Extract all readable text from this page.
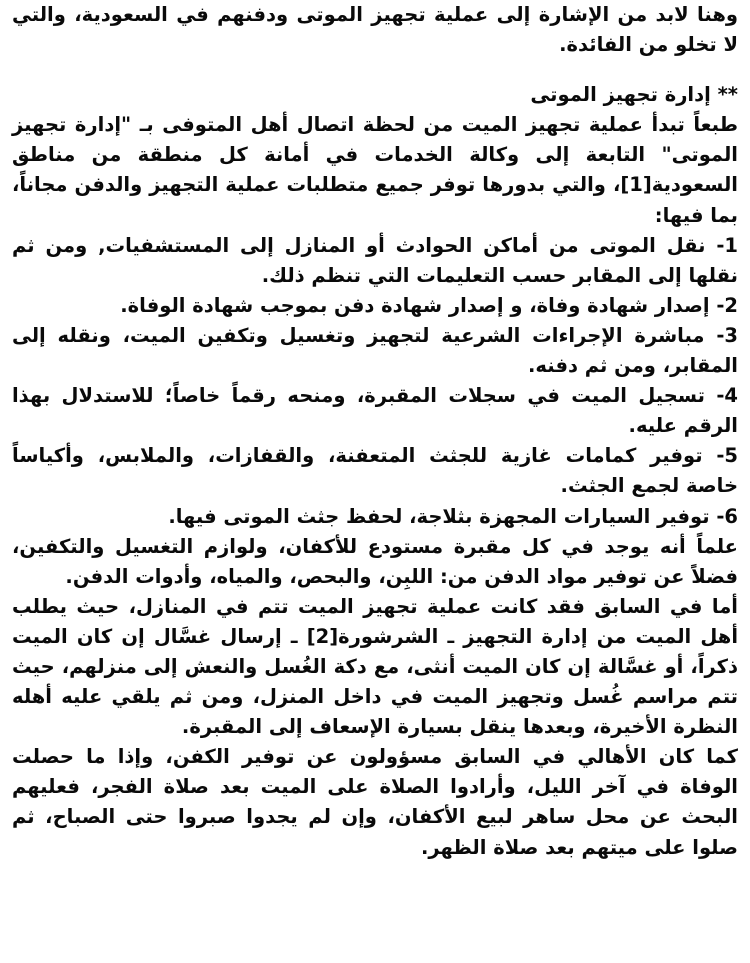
وهنا لابد من الإشارة إلى عملية تجهيز الموتى ودفنهم في السعودية، والتي لا تخلو من الفائدة.

** إدارة تجهيز الموتى

طبعاً تبدأ عملية تجهيز الميت من لحظة اتصال أهل المتوفى بـ "إدارة تجهيز الموتى" التابعة إلى وكالة الخدمات في أمانة كل منطقة من مناطق السعودية[1]، والتي بدورها توفر جميع متطلبات عملية التجهيز والدفن مجاناً، بما فيها:

1- نقل الموتى من أماكن الحوادث أو المنازل إلى المستشفيات, ومن ثم نقلها إلى المقابر حسب التعليمات التي تنظم ذلك.

2- إصدار شهادة وفاة، و إصدار شهادة دفن بموجب شهادة الوفاة.

3- مباشرة الإجراءات الشرعية لتجهيز وتغسيل وتكفين الميت، ونقله إلى المقابر، ومن ثم دفنه.

4- تسجيل الميت في سجلات المقبرة، ومنحه رقماً خاصاً؛ للاستدلال بهذا الرقم عليه.

5- توفير كمامات غازية للجثث المتعفنة، والقفازات، والملابس، وأكياساً خاصة لجمع الجثث.

6- توفير السيارات المجهزة بثلاجة، لحفظ جثث الموتى فيها.

علماً أنه يوجد في كل مقبرة مستودع للأكفان، ولوازم التغسيل والتكفين، فضلاً عن توفير مواد الدفن من: اللبِن، والبحص، والمياه، وأدوات الدفن.

أما في السابق فقد كانت عملية تجهيز الميت تتم في المنازل، حيث يطلب أهل الميت من إدارة التجهيز ـ الشرشورة[2] ـ إرسال غسَّال إن كان الميت ذكراً، أو غسَّالة إن كان الميت أنثى، مع دكة الغُسل والنعش إلى منزلهم، حيث تتم مراسم غُسل وتجهيز الميت في داخل المنزل، ومن ثم يلقي عليه أهله النظرة الأخيرة، وبعدها ينقل بسيارة الإسعاف إلى المقبرة.

كما كان الأهالي في السابق مسؤولون عن توفير الكفن، وإذا ما حصلت الوفاة في آخر الليل، وأرادوا الصلاة على الميت بعد صلاة الفجر، فعليهم البحث عن محل ساهر لبيع الأكفان، وإن لم يجدوا صبروا حتى الصباح، ثم صلوا على ميتهم بعد صلاة الظهر.
